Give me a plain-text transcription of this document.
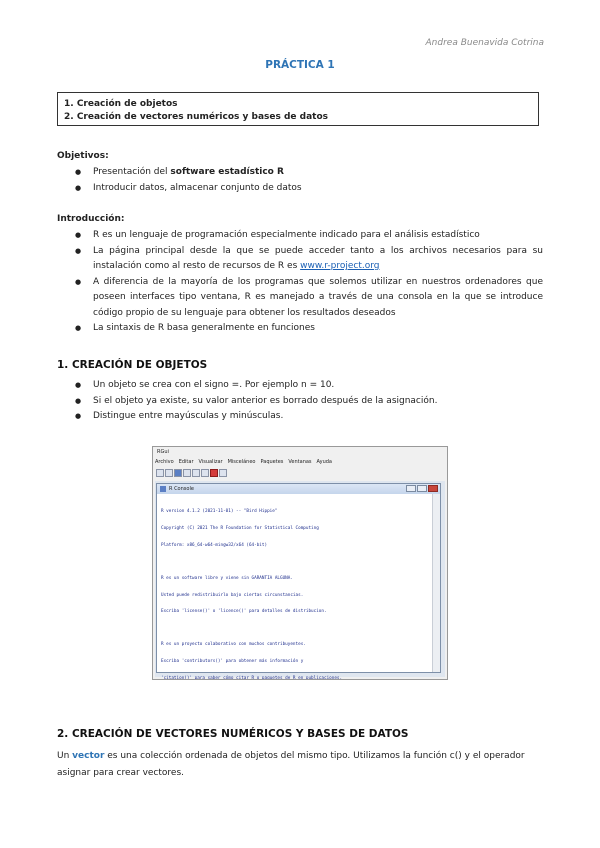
Andrea Buenavida Cotrina
PRÁCTICA 1
1. Creación de objetos
2. Creación de vectores numéricos y bases de datos
Objetivos:
● Presentación del software estadístico R
● Introducir datos, almacenar conjunto de datos
Introducción:
● R es un lenguaje de programación especialmente indicado para el análisis estadístico
● La página principal desde la que se puede acceder tanto a los archivos necesarios para su instalación como al resto de recursos de R es www.r-project.org
● A diferencia de la mayoría de los programas que solemos utilizar en nuestros ordenadores que poseen interfaces tipo ventana, R es manejado a través de una consola en la que se introduce código propio de su lenguaje para obtener los resultados deseados
● La sintaxis de R basa generalmente en funciones
1. CREACIÓN DE OBJETOS
● Un objeto se crea con el signo =. Por ejemplo n = 10.
● Si el objeto ya existe, su valor anterior es borrado después de la asignación.
● Distingue entre mayúsculas y minúsculas.
RGui
Archivo Editar Visualizar Misceláneo Paquetes Ventanas Ayuda
R Console

R version 4.1.2 (2021-11-01) -- "Bird Hippie"

Copyright (C) 2021 The R Foundation for Statistical Computing

Platform: x86_64-w64-mingw32/x64 (64-bit)

R es un software libre y viene sin GARANTIA ALGUNA.

Usted puede redistribuirlo bajo ciertas circunstancias.

Escriba 'license()' o 'licence()' para detalles de distribucion.

R es un proyecto colaborativo con muchos contribuyentes.

Escriba 'contributors()' para obtener más información y

'citation()' para saber cómo citar R o paquetes de R en publicaciones.

2. CREACIÓN DE VECTORES NUMÉRICOS Y BASES DE DATOS
Un vector es una colección ordenada de objetos del mismo tipo. Utilizamos la función c() y el operador asignar para crear vectores.
